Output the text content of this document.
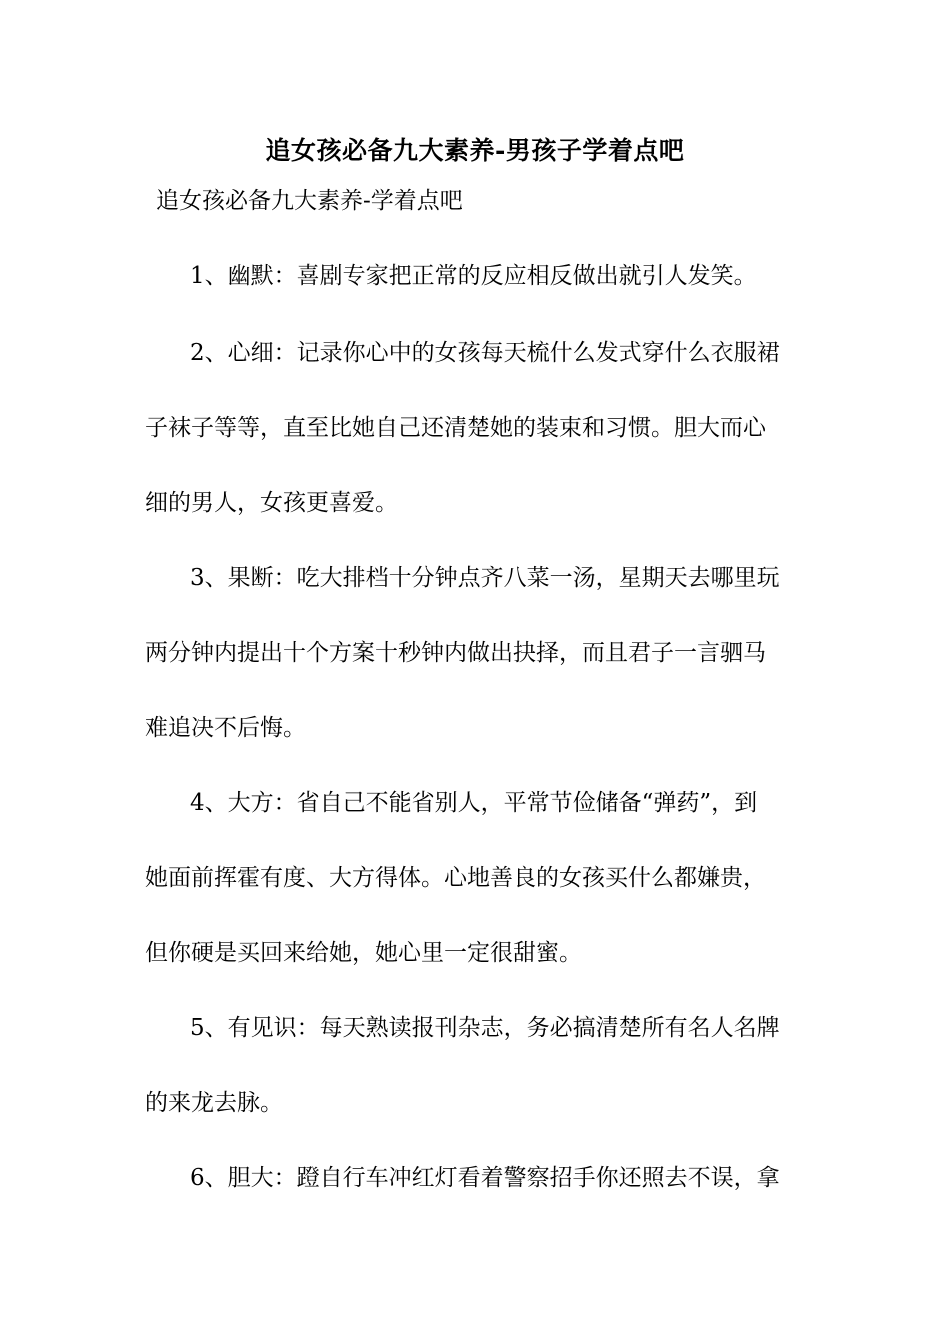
追女孩必备九大素养-男孩子学着点吧
追女孩必备九大素养-学着点吧
1、幽默：喜剧专家把正常的反应相反做出就引人发笑。
2、心细：记录你心中的女孩每天梳什么发式穿什么衣服裙
子袜子等等，直至比她自己还清楚她的装束和习惯。胆大而心
细的男人，女孩更喜爱。
3、果断：吃大排档十分钟点齐八菜一汤，星期天去哪里玩
两分钟内提出十个方案十秒钟内做出抉择，而且君子一言驷马
难追决不后悔。
4、大方：省自己不能省别人，平常节俭储备“弹药”，到
她面前挥霍有度、大方得体。心地善良的女孩买什么都嫌贵，
但你硬是买回来给她，她心里一定很甜蜜。
5、有见识：每天熟读报刊杂志，务必搞清楚所有名人名牌
的来龙去脉。
6、胆大：蹬自行车冲红灯看着警察招手你还照去不误，拿
